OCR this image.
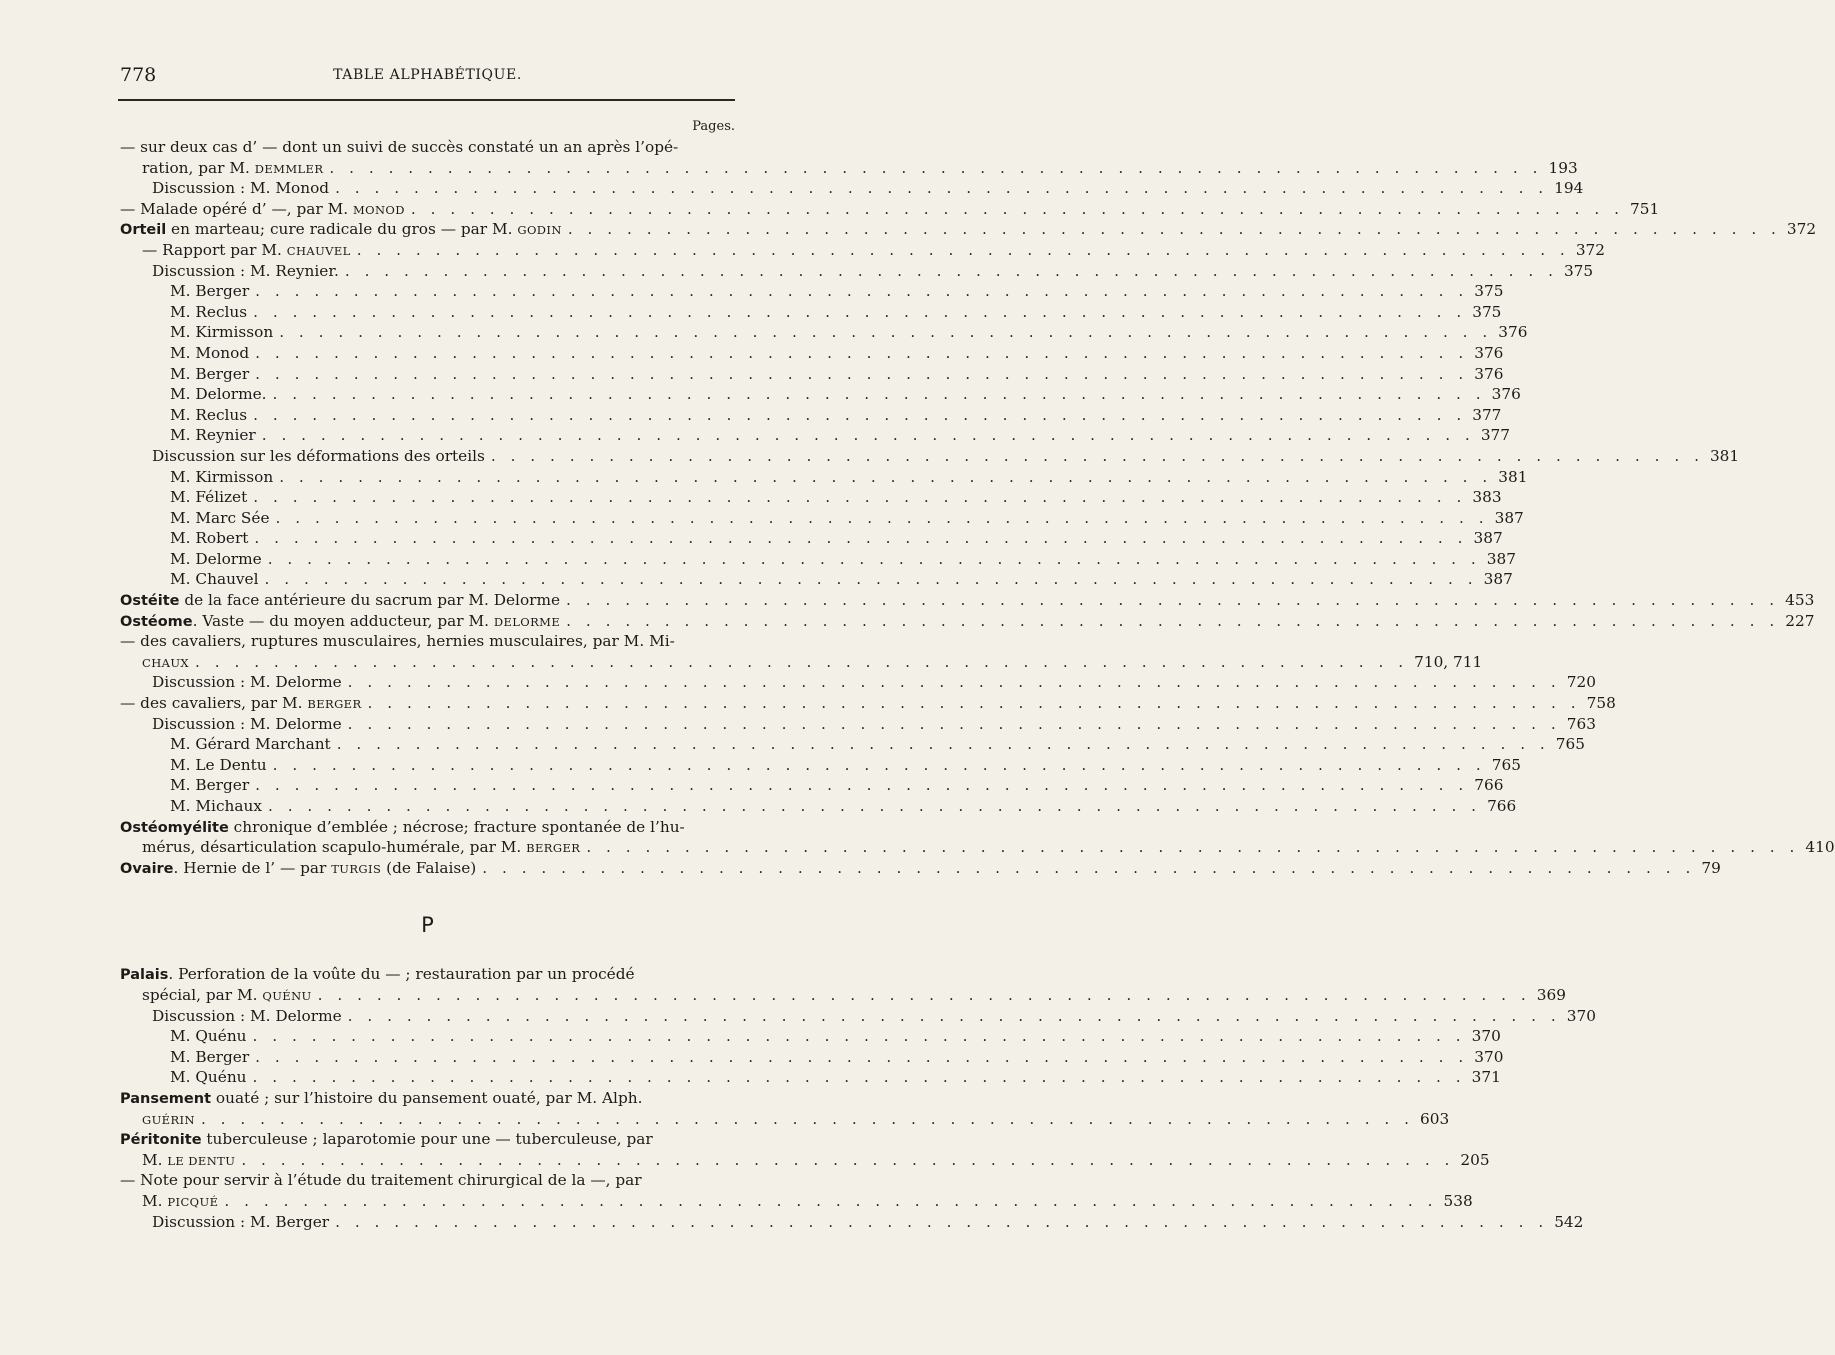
778	TABLE ALPHABÉTIQUE.
Pages.
— sur deux cas d’ — dont un suivi de succès constaté un an après l’opé-
ration, par M. DEMMLER . . . . . . . . . . . . . . . . . . . . . . . . . . . . . . . . . . . . . . . . . . . . . . . . . . . . . . . . . . . . . . 193
Discussion : M. Monod . . . . . . . . . . . . . . . . . . . . . . . . . . . . . . . . . . . . . . . . . . . . . . . . . . . . . . . . . . . . . . 194
— Malade opéré d’ —, par M. MONOD . . . . . . . . . . . . . . . . . . . . . . . . . . . . . . . . . . . . . . . . . . . . . . . . . . . . . . . . . . . . . . 751
Orteil en marteau; cure radicale du gros — par M. GODIN . . . . . . . . . . . . . . . . . . . . . . . . . . . . . . . . . . . . . . . . . . . . . . . . . . . . . . . . . . . . . . 372
— Rapport par M. CHAUVEL . . . . . . . . . . . . . . . . . . . . . . . . . . . . . . . . . . . . . . . . . . . . . . . . . . . . . . . . . . . . . . 372
Discussion : M. Reynier. . . . . . . . . . . . . . . . . . . . . . . . . . . . . . . . . . . . . . . . . . . . . . . . . . . . . . . . . . . . . . . 375
M. Berger . . . . . . . . . . . . . . . . . . . . . . . . . . . . . . . . . . . . . . . . . . . . . . . . . . . . . . . . . . . . . . 375
M. Reclus . . . . . . . . . . . . . . . . . . . . . . . . . . . . . . . . . . . . . . . . . . . . . . . . . . . . . . . . . . . . . . 375
M. Kirmisson . . . . . . . . . . . . . . . . . . . . . . . . . . . . . . . . . . . . . . . . . . . . . . . . . . . . . . . . . . . . . . 376
M. Monod . . . . . . . . . . . . . . . . . . . . . . . . . . . . . . . . . . . . . . . . . . . . . . . . . . . . . . . . . . . . . . 376
M. Berger . . . . . . . . . . . . . . . . . . . . . . . . . . . . . . . . . . . . . . . . . . . . . . . . . . . . . . . . . . . . . . 376
M. Delorme. . . . . . . . . . . . . . . . . . . . . . . . . . . . . . . . . . . . . . . . . . . . . . . . . . . . . . . . . . . . . . . 376
M. Reclus . . . . . . . . . . . . . . . . . . . . . . . . . . . . . . . . . . . . . . . . . . . . . . . . . . . . . . . . . . . . . . 377
M. Reynier . . . . . . . . . . . . . . . . . . . . . . . . . . . . . . . . . . . . . . . . . . . . . . . . . . . . . . . . . . . . . . 377
Discussion sur les déformations des orteils . . . . . . . . . . . . . . . . . . . . . . . . . . . . . . . . . . . . . . . . . . . . . . . . . . . . . . . . . . . . . . 381
M. Kirmisson . . . . . . . . . . . . . . . . . . . . . . . . . . . . . . . . . . . . . . . . . . . . . . . . . . . . . . . . . . . . . . 381
M. Félizet . . . . . . . . . . . . . . . . . . . . . . . . . . . . . . . . . . . . . . . . . . . . . . . . . . . . . . . . . . . . . . 383
M. Marc Sée . . . . . . . . . . . . . . . . . . . . . . . . . . . . . . . . . . . . . . . . . . . . . . . . . . . . . . . . . . . . . . 387
M. Robert . . . . . . . . . . . . . . . . . . . . . . . . . . . . . . . . . . . . . . . . . . . . . . . . . . . . . . . . . . . . . . 387
M. Delorme . . . . . . . . . . . . . . . . . . . . . . . . . . . . . . . . . . . . . . . . . . . . . . . . . . . . . . . . . . . . . . 387
M. Chauvel . . . . . . . . . . . . . . . . . . . . . . . . . . . . . . . . . . . . . . . . . . . . . . . . . . . . . . . . . . . . . . 387
Ostéite de la face antérieure du sacrum par M. Delorme . . . . . . . . . . . . . . . . . . . . . . . . . . . . . . . . . . . . . . . . . . . . . . . . . . . . . . . . . . . . . . 453
Ostéome. Vaste — du moyen adducteur, par M. DELORME . . . . . . . . . . . . . . . . . . . . . . . . . . . . . . . . . . . . . . . . . . . . . . . . . . . . . . . . . . . . . . 227
— des cavaliers, ruptures musculaires, hernies musculaires, par M. Mi-
CHAUX . . . . . . . . . . . . . . . . . . . . . . . . . . . . . . . . . . . . . . . . . . . . . . . . . . . . . . . . . . . . . . 710, 711
Discussion : M. Delorme . . . . . . . . . . . . . . . . . . . . . . . . . . . . . . . . . . . . . . . . . . . . . . . . . . . . . . . . . . . . . . 720
— des cavaliers, par M. BERGER . . . . . . . . . . . . . . . . . . . . . . . . . . . . . . . . . . . . . . . . . . . . . . . . . . . . . . . . . . . . . . 758
Discussion : M. Delorme . . . . . . . . . . . . . . . . . . . . . . . . . . . . . . . . . . . . . . . . . . . . . . . . . . . . . . . . . . . . . . 763
M. Gérard Marchant . . . . . . . . . . . . . . . . . . . . . . . . . . . . . . . . . . . . . . . . . . . . . . . . . . . . . . . . . . . . . . 765
M. Le Dentu . . . . . . . . . . . . . . . . . . . . . . . . . . . . . . . . . . . . . . . . . . . . . . . . . . . . . . . . . . . . . . 765
M. Berger . . . . . . . . . . . . . . . . . . . . . . . . . . . . . . . . . . . . . . . . . . . . . . . . . . . . . . . . . . . . . . 766
M. Michaux . . . . . . . . . . . . . . . . . . . . . . . . . . . . . . . . . . . . . . . . . . . . . . . . . . . . . . . . . . . . . . 766
Ostéomyélite chronique d’emblée ; nécrose; fracture spontanée de l’hu-
mérus, désarticulation scapulo-humérale, par M. BERGER . . . . . . . . . . . . . . . . . . . . . . . . . . . . . . . . . . . . . . . . . . . . . . . . . . . . . . . . . . . . . . 410
Ovaire. Hernie de l’ — par TURGIS (de Falaise) . . . . . . . . . . . . . . . . . . . . . . . . . . . . . . . . . . . . . . . . . . . . . . . . . . . . . . . . . . . . . . 79
P
Palais. Perforation de la voûte du — ; restauration par un procédé
spécial, par M. QUÉNU . . . . . . . . . . . . . . . . . . . . . . . . . . . . . . . . . . . . . . . . . . . . . . . . . . . . . . . . . . . . . . 369
Discussion : M. Delorme . . . . . . . . . . . . . . . . . . . . . . . . . . . . . . . . . . . . . . . . . . . . . . . . . . . . . . . . . . . . . . 370
M. Quénu . . . . . . . . . . . . . . . . . . . . . . . . . . . . . . . . . . . . . . . . . . . . . . . . . . . . . . . . . . . . . . 370
M. Berger . . . . . . . . . . . . . . . . . . . . . . . . . . . . . . . . . . . . . . . . . . . . . . . . . . . . . . . . . . . . . . 370
M. Quénu . . . . . . . . . . . . . . . . . . . . . . . . . . . . . . . . . . . . . . . . . . . . . . . . . . . . . . . . . . . . . . 371
Pansement ouaté ; sur l’histoire du pansement ouaté, par M. Alph.
GUÉRIN . . . . . . . . . . . . . . . . . . . . . . . . . . . . . . . . . . . . . . . . . . . . . . . . . . . . . . . . . . . . . . 603
Péritonite tuberculeuse ; laparotomie pour une — tuberculeuse, par
M. LE DENTU . . . . . . . . . . . . . . . . . . . . . . . . . . . . . . . . . . . . . . . . . . . . . . . . . . . . . . . . . . . . . . 205
— Note pour servir à l’étude du traitement chirurgical de la —, par
M. PICQUÉ . . . . . . . . . . . . . . . . . . . . . . . . . . . . . . . . . . . . . . . . . . . . . . . . . . . . . . . . . . . . . . 538
Discussion : M. Berger . . . . . . . . . . . . . . . . . . . . . . . . . . . . . . . . . . . . . . . . . . . . . . . . . . . . . . . . . . . . . . 542
